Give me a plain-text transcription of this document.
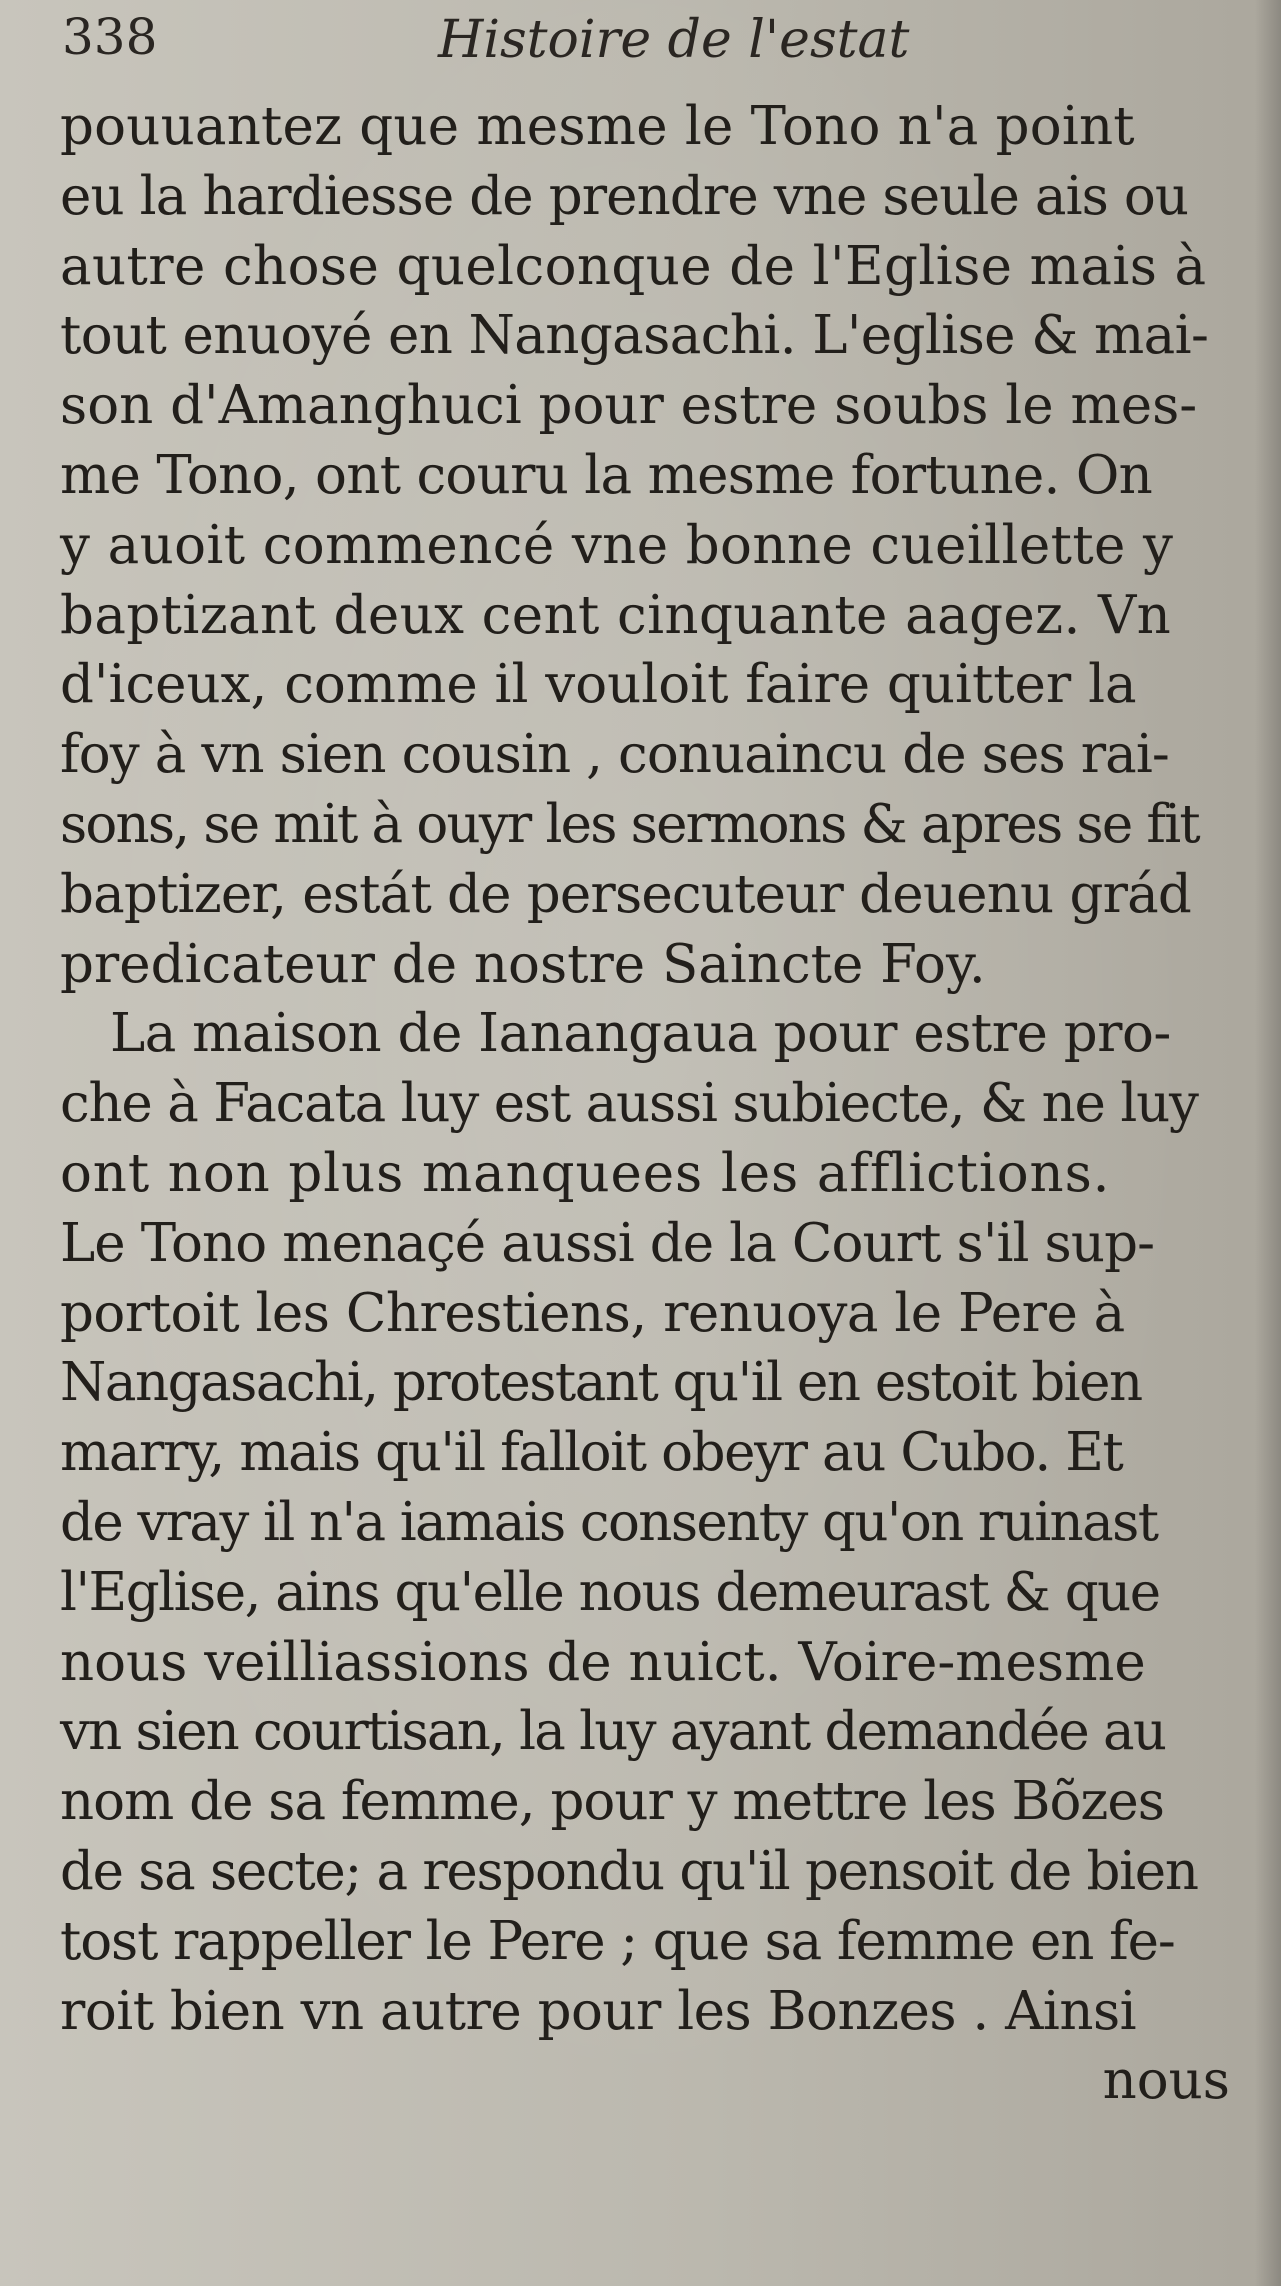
338	Histoire de l'estat
pouuantez que mesme le Tono n'a point
eu la hardiesse de prendre vne seule ais ou
autre chose quelconque de l'Eglise mais à
tout enuoyé en Nangasachi. L'eglise & mai-
son d'Amanghuci pour estre soubs le mes-
me Tono, ont couru la mesme fortune. On
y auoit commencé vne bonne cueillette y
baptizant deux cent cinquante aagez. Vn
d'iceux, comme il vouloit faire quitter la
foy à vn sien cousin , conuaincu de ses rai-
sons, se mit à ouyr les sermons & apres se fit
baptizer, estát de persecuteur deuenu grád
predicateur de nostre Saincte Foy.
La maison de Ianangaua pour estre pro-
che à Facata luy est aussi subiecte, & ne luy
ont non plus manquees les afflictions.
Le Tono menaçé aussi de la Court s'il sup-
portoit les Chrestiens, renuoya le Pere à
Nangasachi, protestant qu'il en estoit bien
marry, mais qu'il falloit obeyr au Cubo. Et
de vray il n'a iamais consenty qu'on ruinast
l'Eglise, ains qu'elle nous demeurast & que
nous veilliassions de nuict. Voire-mesme
vn sien courtisan, la luy ayant demandée au
nom de sa femme, pour y mettre les Bõzes
de sa secte; a respondu qu'il pensoit de bien
tost rappeller le Pere ; que sa femme en fe-
roit bien vn autre pour les Bonzes . Ainsi
nous
